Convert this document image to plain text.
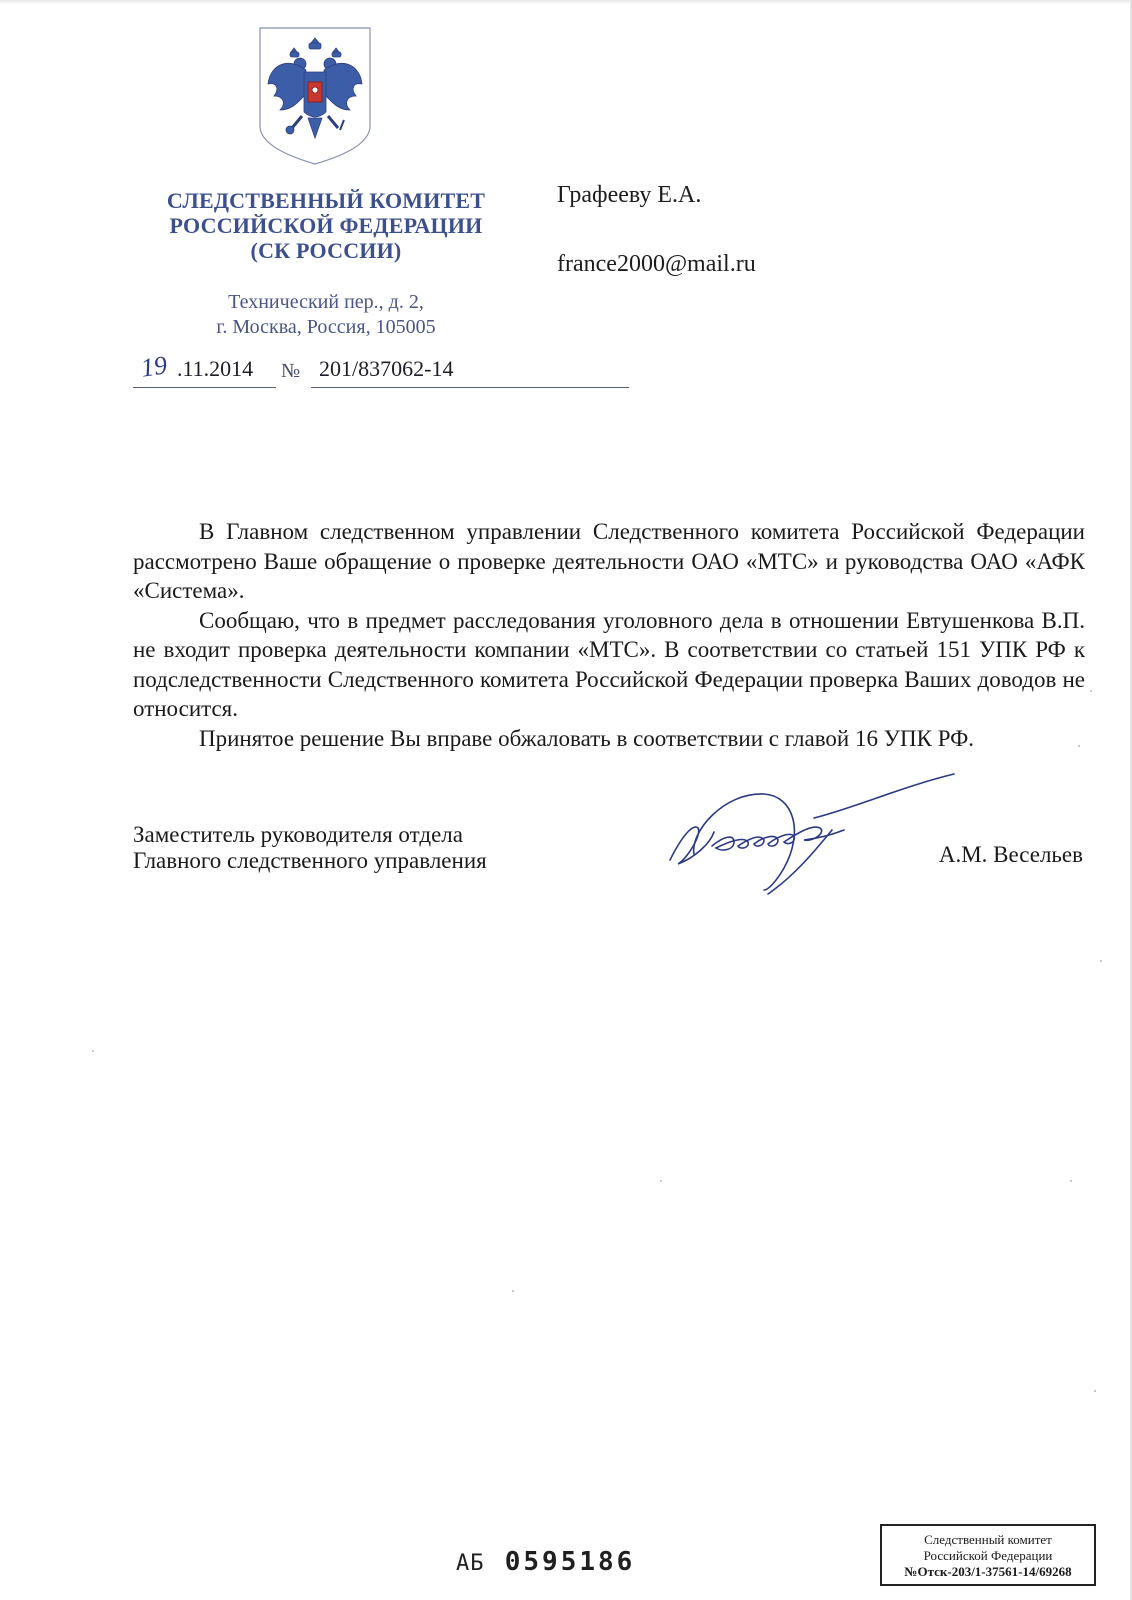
СЛЕДСТВЕННЫЙ КОМИТЕТ
РОССИЙСКОЙ ФЕДЕРАЦИИ
(СК РОССИИ)
Технический пер., д. 2,
г. Москва, Россия, 105005
19 .11.2014 № 201/837062-14
Графееву Е.А.
france2000@mail.ru

В Главном следственном управлении Следственного комитета Российской Федерации рассмотрено Ваше обращение о проверке деятельности ОАО «МТС» и руководства ОАО «АФК «Система».

Сообщаю, что в предмет расследования уголовного дела в отношении Евтушенкова В.П. не входит проверка деятельности компании «МТС». В соответствии со статьей 151 УПК РФ к подследственности Следственного комитета Российской Федерации проверка Ваших доводов не относится.

Принятое решение Вы вправе обжаловать в соответствии с главой 16 УПК РФ.

Заместитель руководителя отдела
Главного следственного управления	А.М. Весельев
АБ 0595186
Следственный комитет
Российской Федерации
№Отск-203/1-37561-14/69268
